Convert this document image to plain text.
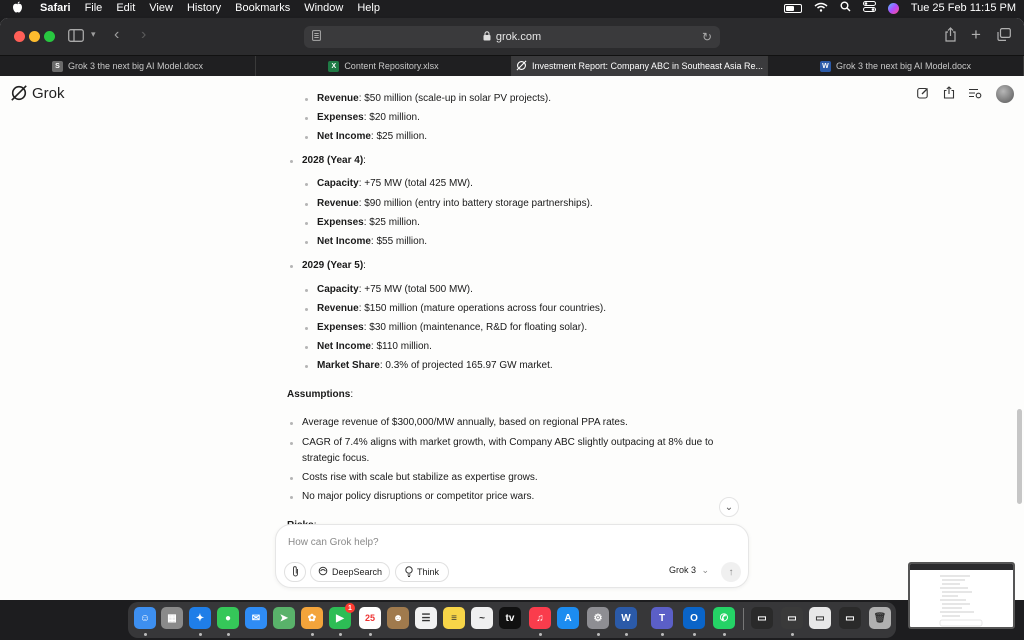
Safari File Edit View History Bookmarks Window Help	Tue 25 Feb 11:15 PM
▾ ‹ ›	grok.com	↻	+
S Grok 3 the next big AI Model.docx	X Content Repository.xlsx	Investment Report: Company ABC in Southeast Asia Re...	W Grok 3 the next big AI Model.docx
Grok	Revenue: $50 million (scale-up in solar PV projects).
Expenses: $20 million.
Net Income: $25 million.
2028 (Year 4):
Capacity: +75 MW (total 425 MW).
Revenue: $90 million (entry into battery storage partnerships).
Expenses: $25 million.
Net Income: $55 million.
2029 (Year 5):
Capacity: +75 MW (total 500 MW).
Revenue: $150 million (mature operations across four countries).
Expenses: $30 million (maintenance, R&D for floating solar).
Net Income: $110 million.
Market Share: 0.3% of projected 165.97 GW market.
Assumptions:
Average revenue of $300,000/MW annually, based on regional PPA rates.
CAGR of 7.4% aligns with market growth, with Company ABC slightly outpacing at 8% due to
strategic focus.
Costs rise with scale but stabilize as expertise grows.
No major policy disruptions or competitor price wars.
⌄
How can Grok help?
DeepSearch	Think	Grok 3 ⌄ ↑
☺ ▦ ✦ ● ✉ ➤ ✿ ▶
1
25 ☻ ☰ ≡ ~ tv ♫ A ⚙ W	T	O ✆	▭ ▭ ▭ ▭ 🗑
